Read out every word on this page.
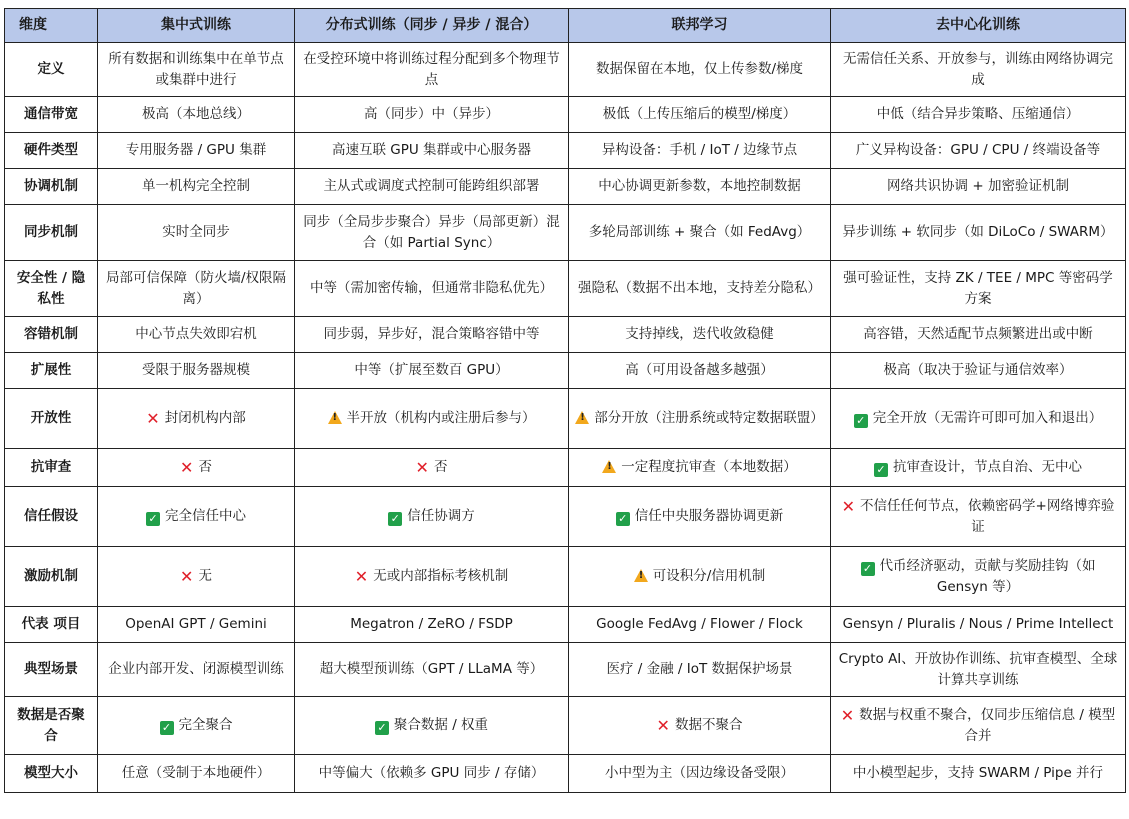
维度	集中式训练	分布式训练（同步 / 异步 / 混合）	联邦学习	去中心化训练
定义	所有数据和训练集中在单节点或集群中进行	在受控环境中将训练过程分配到多个物理节点	数据保留在本地，仅上传参数/梯度	无需信任关系、开放参与，训练由网络协调完成
通信带宽	极高（本地总线）	高（同步）中（异步）	极低（上传压缩后的模型/梯度）	中低（结合异步策略、压缩通信）
硬件类型	专用服务器 / GPU 集群	高速互联 GPU 集群或中心服务器	异构设备：手机 / IoT / 边缘节点	广义异构设备：GPU / CPU / 终端设备等
协调机制	单一机构完全控制	主从式或调度式控制可能跨组织部署	中心协调更新参数，本地控制数据	网络共识协调 + 加密验证机制
同步机制	实时全同步	同步（全局步步聚合）异步（局部更新）混合（如 Partial Sync）	多轮局部训练 + 聚合（如 FedAvg）	异步训练 + 软同步（如 DiLoCo / SWARM）
安全性 / 隐私性	局部可信保障（防火墙/权限隔离）	中等（需加密传输，但通常非隐私优先）	强隐私（数据不出本地，支持差分隐私）	强可验证性，支持 ZK / TEE / MPC 等密码学方案
容错机制	中心节点失效即宕机	同步弱，异步好，混合策略容错中等	支持掉线，迭代收敛稳健	高容错，天然适配节点频繁进出或中断
扩展性	受限于服务器规模	中等（扩展至数百 GPU）	高（可用设备越多越强）	极高（取决于验证与通信效率）
开放性	✕ 封闭机构内部	!半开放（机构内或注册后参与）	!部分开放（注册系统或特定数据联盟）	✓ 完全开放（无需许可即可加入和退出）
抗审查	✕ 否	✕ 否	!一定程度抗审查（本地数据）	✓ 抗审查设计，节点自治、无中心
信任假设	✓ 完全信任中心	✓ 信任协调方	✓ 信任中央服务器协调更新	✕ 不信任任何节点，依赖密码学+网络博弈验证
激励机制	✕ 无	✕ 无或内部指标考核机制	!可设积分/信用机制	✓ 代币经济驱动，贡献与奖励挂钩（如 Gensyn 等）
代表 项目	OpenAI GPT / Gemini	Megatron / ZeRO / FSDP	Google FedAvg / Flower / Flock	Gensyn / Pluralis / Nous / Prime Intellect
典型场景	企业内部开发、闭源模型训练	超大模型预训练（GPT / LLaMA 等）	医疗 / 金融 / IoT 数据保护场景	Crypto AI、开放协作训练、抗审查模型、全球计算共享训练
数据是否聚合	✓ 完全聚合	✓ 聚合数据 / 权重	✕ 数据不聚合	✕ 数据与权重不聚合，仅同步压缩信息 / 模型合并
模型大小	任意（受制于本地硬件）	中等偏大（依赖多 GPU 同步 / 存储）	小中型为主（因边缘设备受限）	中小模型起步，支持 SWARM / Pipe 并行
